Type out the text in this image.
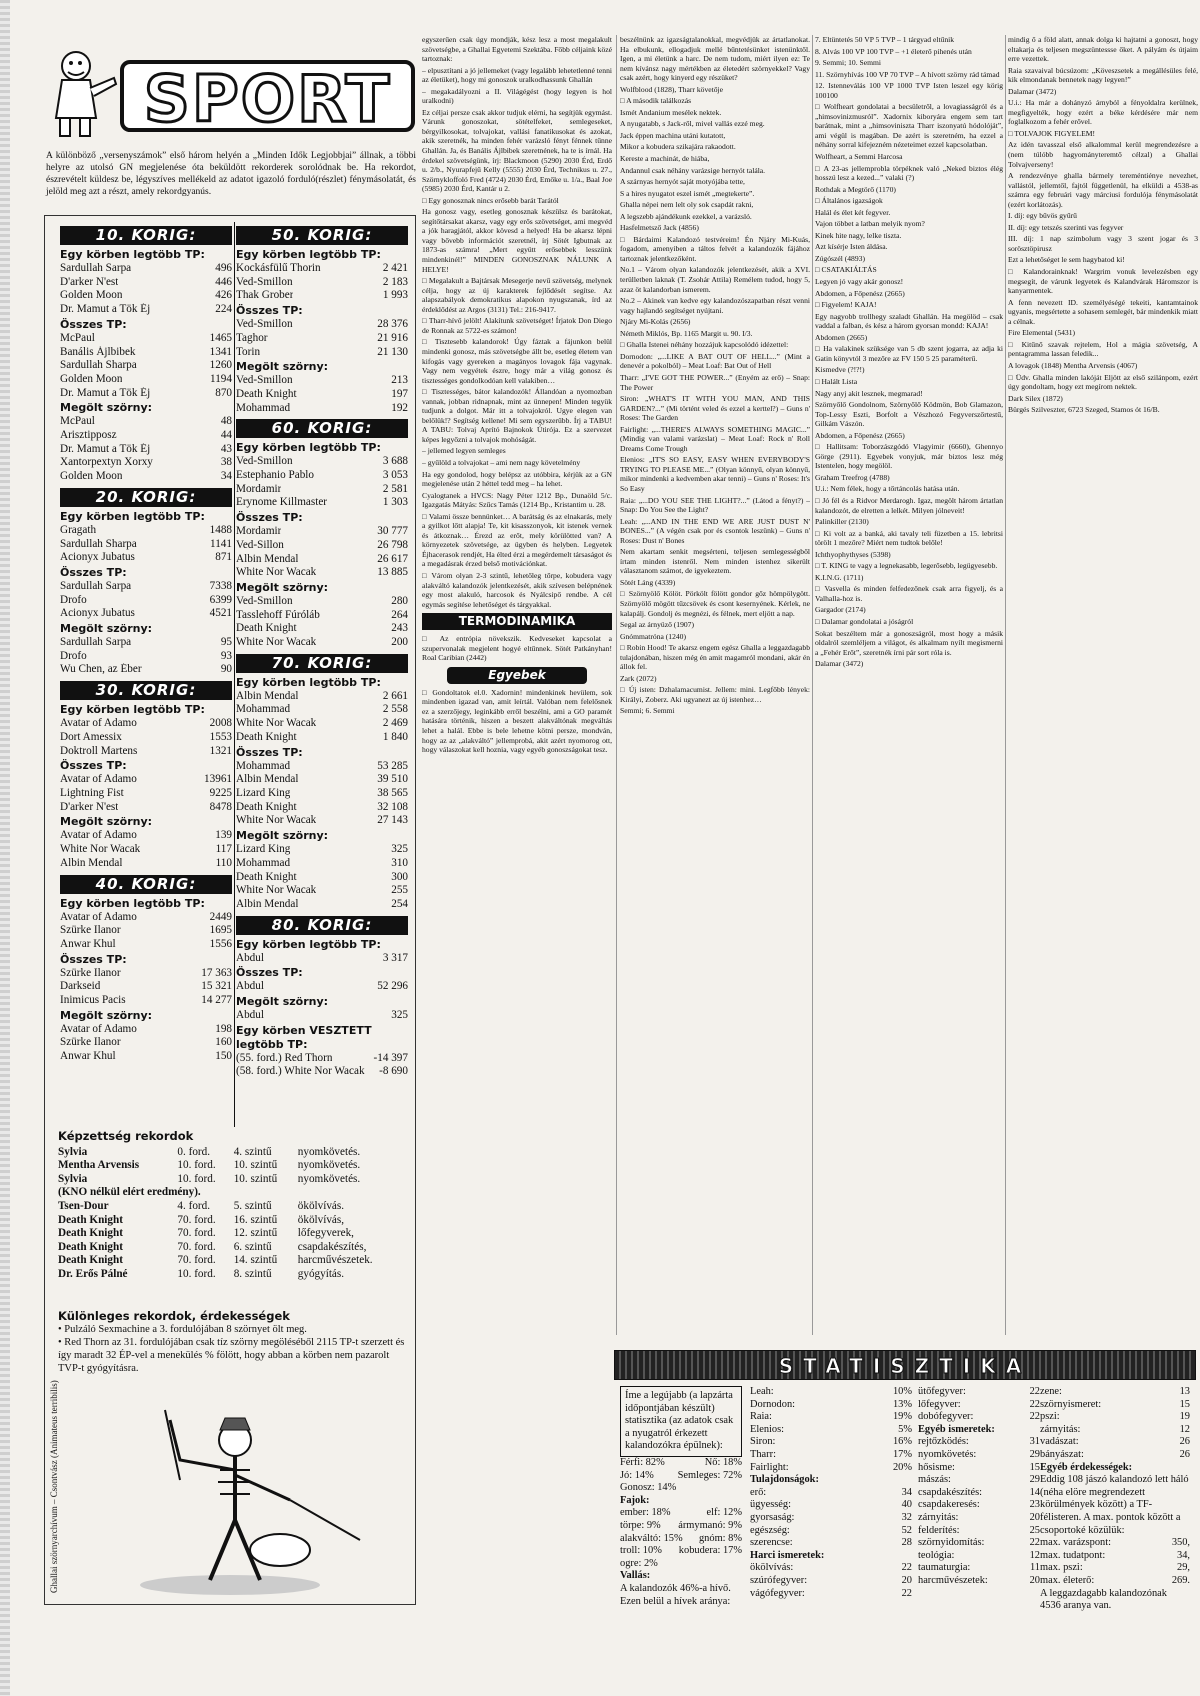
SPORT
A különböző „versenyszámok” első három helyén a „Minden Idők Legjobbjai” állnak, a többi helyre az utolsó GN megjelenése óta beküldött rekorderek sorolódnak be. Ha rekordot, észrevételt küldesz be, légyszíves mellékeld az adatot igazoló forduló(részlet) fénymásolatát, és jelöld meg azt a részt, amely rekordgyanús.
10. KORIG:
Egy körben legtöbb TP:
Sardullah Sarpa	496
D'arker N'est	446
Golden Moon	426
Dr. Mamut a Tök Éj	224
Összes TP:
McPaul	1465
Banális Ájlbibek	1341
Sardullah Sharpa	1260
Golden Moon	1194
Dr. Mamut a Tök Éj	870
Megölt szörny:
McPaul	48
Arisztipposz	44
Dr. Mamut a Tök Éj	43
Xantorpextyn Xorxy	38
Golden Moon	34
20. KORIG:
Egy körben legtöbb TP:
Gragath	1488
Sardullah Sharpa	1141
Acionyx Jubatus	871
Összes TP:
Sardullah Sarpa	7338
Drofo	6399
Acionyx Jubatus	4521
Megölt szörny:
Sardullah Sarpa	95
Drofo	93
Wu Chen, az Éber	90
30. KORIG:
Egy körben legtöbb TP:
Avatar of Adamo	2008
Dort Amessix	1553
Doktroll Martens	1321
Összes TP:
Avatar of Adamo	13961
Lightning Fist	9225
D'arker N'est	8478
Megölt szörny:
Avatar of Adamo	139
White Nor Wacak	117
Albin Mendal	110
40. KORIG:
Egy körben legtöbb TP:
Avatar of Adamo	2449
Szürke Ilanor	1695
Anwar Khul	1556
Összes TP:
Szürke Ilanor	17 363
Darkseid	15 321
Inimicus Pacis	14 277
Megölt szörny:
Avatar of Adamo	198
Szürke Ilanor	160
Anwar Khul	150
50. KORIG:
Egy körben legtöbb TP:
Kockásfülű Thorin	2 421
Ved-Smillon	2 183
Thak Grober	1 993
Összes TP:
Ved-Smillon	28 376
Taghor	21 916
Torin	21 130
Megölt szörny:
Ved-Smillon	213
Death Knight	197
Mohammad	192
60. KORIG:
Egy körben legtöbb TP:
Ved-Smillon	3 688
Estephanio Pablo	3 053
Mordamir	2 581
Erynome Killmaster	1 303
Összes TP:
Mordamir	30 777
Ved-Sillon	26 798
Albin Mendal	26 617
White Nor Wacak	13 885
Megölt szörny:
Ved-Smillon	280
Tasslehoff Fúróláb	264
Death Knight	243
White Nor Wacak	200
70. KORIG:
Egy körben legtöbb TP:
Albin Mendal	2 661
Mohammad	2 558
White Nor Wacak	2 469
Death Knight	1 840
Összes TP:
Mohammad	53 285
Albin Mendal	39 510
Lizard King	38 565
Death Knight	32 108
White Nor Wacak	27 143
Megölt szörny:
Lizard King	325
Mohammad	310
Death Knight	300
White Nor Wacak	255
Albin Mendal	254
80. KORIG:
Egy körben legtöbb TP:
Abdul	3 317
Összes TP:
Abdul	52 296
Megölt szörny:
Abdul	325
Egy körben VESZTETT legtöbb TP:
(55. ford.) Red Thorn	-14 397
(58. ford.) White Nor Wacak	-8 690
Képzettség rekordok
Sylvia	0. ford.	4. szintű	nyomkövetés.
Mentha Arvensis	10. ford.	10. szintű	nyomkövetés.
Sylvia	10. ford.	10. szintű	nyomkövetés.
(KNO nélkül elért eredmény).			
Tsen-Dour	4. ford.	5. szintű	ökölvívás.
Death Knight	70. ford.	16. szintű	ökölvívás,
Death Knight	70. ford.	12. szintű	lőfegyverek,
Death Knight	70. ford.	6. szintű	csapdakészítés,
Death Knight	70. ford.	14. szintű	harcművészetek.
Dr. Erős Pálné	10. ford.	8. szintű	gyógyítás.
Különleges rekordok, érdekességek
• Pulzáló Sexmachine a 3. fordulójában 8 szörnyet ölt meg.
• Red Thorn az 31. fordulójában csak tíz szörny megöléséből 2115 TP-t szerzett és így maradt 32 ÉP-vel a menekülés % fölött, hogy abban a körben nem pazarolt TVP-t gyógyításra.
Ghallai szörnyarchívum – Csontvász (Animateus terribilis)

egyszerűen csak úgy mondják, kész lesz a most megalakult szövetségbe, a Ghallai Egyetemi Szektába. Főbb céljaink közé tartoznak:

– elpusztítani a jó jellemeket (vagy legalább lehetetlenné tenni az életüket), hogy mi gonoszok uralkodhassunk Ghallán

– megakadályozni a II. Világégést (hogy legyen is hol uralkodni)

Ez céljai persze csak akkor tudjuk elérni, ha segítjük egymást. Várunk gonoszokat, sötételfeket, semlegeseket, bérgyilkosokat, tolvajokat, vallási fanatikusokat és azokat, akik szeretnék, ha minden fehér varázsló fényt fénnek tűnne Ghallán. Ja, és Banális Ájlbibek szeretnének, ha te is írnál. Ha érdekel szövetségünk, írj: Blackmoon (5290) 2030 Érd, Erdő u. 2/b., Nyurapfejű Kelly (5555) 2030 Érd, Technikus u. 27., Szörnykloffoló Fred (4724) 2030 Érd, Emőke u. 1/a., Baal Joe (5985) 2030 Érd, Kantár u 2.

□ Egy gonosznak nincs erősebb barát Tarától

Ha gonosz vagy, esetleg gonosznak készülsz és barátokat, segítőtársakat akarsz, vagy egy erős szövetséget, ami megvéd a jók haragjától, akkor kövesd a helyed! Ha be akarsz lépni vagy bővebb információt szeretnél, írj Sötét Igbutnak az 1873-as számra! „Mert együtt erősebbek lesszünk mindenkinél!” MINDEN GONOSZNAK NÁLUNK A HELYE!

□ Megalakult a Bajtársak Mesegerje nevű szövetség, melynek célja, hogy az új karakterek fejlődését segítse. Az alapszabályok demokratikus alapokon nyugszanak, írd az érdeklődést az Argos (3131) Tel.: 216-9417.

□ Tharr-hívő jelölt! Alakítunk szövetséget! Írjatok Don Diego de Ronnak az 5722-es számon!

□ Tisztesebb kalandorok! Úgy fáztak a fájunkon belül mindenki gonosz, más szövetségbe állt be, esetleg életem van kifogás vagy gyereken a magányos lovagok fája vagynak. Vagy nem vegyétek észre, hogy már a világ gonosz és tisztességes gondolkodóan kell valakiben…

□ Tisztességes, bátor kalandozók! Állandóan a nyomozban vannak, jobban ridnapnak, mint az ünnepen! Minden tegyük tudjunk a dolgot. Már itt a tolvajokról. Ugye elegen van belőlük!? Segítség kellene! Mi sem egyszerűbb. Írj a TABU! A TABU: Tolvaj Aprító Bajnokok Útirója. Ez a szervezet képes legyőzni a tolvajok mohóságát.

– jellemed legyen semleges

– gyűlöld a tolvajokat – ami nem nagy követelmény

Ha egy gondolod, hogy belépsz az utóbbira, kérjük az a GN megjelenése után 2 héttel tedd meg – ha lehet.

Cyalogtanek a HVCS: Nagy Péter 1212 Bp., Dunaöld 5/c. Igazgatás Mátyás: Szűcs Tamás (1214 Bp., Kristantim u. 28.

□ Valami össze bennünket… A barátság és az elnakarás, mely a gyilkot lőtt alapja! Te, kit kisasszonyok, kit istenek vernek és átkoznak… Érezd az erőt, mely körülötted van? A környezetek szövetsége, az ügyben és helyben. Legyetek Éjhacerasok rendjét, Ha élted érzi a megérdemelt társaságot és a megadásrak érzed belső motivációnkat.

□ Várom olyan 2-3 szintű, lehetőleg tőrpe, kobudera vagy alakváltó kalandozók jelentkezését, akik szívesen belépnének egy most alakuló, harcosok és Nyálcsipő rendbe. A cél egymás segítése lehetőséget és tárgyakkal.

TERMODINAMIKA

□ Az entrópia növekszik. Kedveseket kapcsolat a szupervonalak megjelent hogyé eltűnnek. Sötét Patkányhan! Roal Caribian (2442)

Egyebek

□ Gondoltatok el.0. Xadornin! mindenkinek hevülem, sok mindenben igazad van, amit leírtál. Valóban nem felelősnek ez a szerzőjegy, leginkább erről beszélni, ami a GO paramét hatására történik, hiszen a beszett alakváltónak megváltás lehet a halál. Ebbe is bele lehetne kötni persze, mondván, hogy az az „alakváltó” jellemprobá, akit azért nyomorog ott, hogy válaszokat kell hoznia, vagy egyéb gonoszságokat tesz.

beszélnünk az igazságtalanokkal, megvédjük az ártatlanokat. Ha elbukunk, ellogadjuk mellé bűntetésünket istenünktől. Igen, a mi életünk a harc. De nem tudom, miért ilyen ez: Te nem kívánsz nagy mértékben az életedért szörnyekkel? Vagy csak azért, hogy kinyerd egy részüket?

Wolfblood (1828), Tharr követője

□ A második találkozás

Ismét Andanium mesélek nektek.

A nyugatabb, s Jack-ről, mivel vallás ezzé meg.

Jack éppen machina utáni kutatott,

Mikor a kobudera szikajára rakaodott.

Kereste a machinát, de hiába,

Andannul csak néhány varázsige hernyót talála.

A szárnyas hernyót saját motyójába tette,

S a hires nyugatot eszel ismét „megtekerte”.

Ghalla népei nem lelt oly sok csapdát rakni,

A legszebb ajándékunk ezekkel, a varázsló.

Hasfelmetsző Jack (4856)

□ Bárdaimi Kalandozó testvéreim! Én Njáry Mi-Kuás, fogadom, amenyiben a táltos felvét a kalandozók fájához tartoznak jelentkezőként.

No.1 – Várom olyan kalandozók jelentkezését, akik a XVI. terülletben laknak (T. Zsohár Attila) Remélem tudod, hogy 5, azaz öt kalandorban ismerem.

No.2 – Akinek van kedve egy kalandozószapatban részt venni vagy hajlandó segítséget nyújtani.

Njáry Mi-Kolás (2656)

Németh Miklós, Bp. 1165 Margit u. 90. I/3.

□ Ghalla Istenei néhány hozzájuk kapcsolódó idézettel:

Dornodon: „...LIKE A BAT OUT OF HELL...” (Mint a denevér a pokolból) – Meat Loaf: Bat Out of Hell

Tharr: „I'VE GOT THE POWER...” (Enyém az erő) – Snap: The Power

Siron: „WHAT'S IT WITH YOU MAN, AND THIS GARDEN?...” (Mi történt veled és ezzel a kerttel?) – Guns n' Roses: The Garden

Fairlight: „...THERE'S ALWAYS SOMETHING MAGIC...” (Mindig van valami varázslat) – Meat Loaf: Rock n' Roll Dreams Come Trough

Elenios: „IT'S SO EASY, EASY WHEN EVERYBODY'S TRYING TO PLEASE ME...” (Olyan könnyű, olyan könnyű, mikor mindenki a kedvemben akar tenni) – Guns n' Roses: It's So Easy

Raia: „...DO YOU SEE THE LIGHT?...” (Látod a fényt?) – Snap: Do You See the Light?

Leah: „...AND IN THE END WE ARE JUST DUST N' BONES...” (A végén csak por és csontok leszünk) – Guns n' Roses: Dust n' Bones

Nem akartam senkit megsérteni, teljesen semlegességből írtam minden istenről. Nem minden istenhez sikerült választanom számot, de igyekeztem.

Sötét Láng (4339)

□ Szörnyölő Kölöt. Pörkölt fölött gondor gőz hömpölygött. Szörnyölő mögött tűzcsövek és csont kesernyének. Kérlek, ne kalapálj. Gondolj és megnézi, és félnek, mert eljött a nap.

Segal az árnyüző (1907)

Gnómmatróna (1240)

□ Robin Hood! Te akarsz engem egész Ghalla a leggazdagabb tulajdonában, hiszen még én amit magamról mondani, akár én állok fel.

Zark (2072)

□ Új isten: Dzhalamacumist. Jellem: mini. Legfőbb lények: Királyi, Zoberz. Aki ugyanezt az új istenhez…

Semmi; 6. Semmi

7. Eltüntetés 50 VP 5 TVP – 1 tárgyad eltűnik

8. Alvás 100 VP 100 TVP – +1 életerő pihenés után

9. Semmi; 10. Semmi

11. Szörnyhívás 100 VP 70 TVP – A hívott szörny rád támad

12. Istenneválás 100 VP 1000 TVP Isten leszel egy körig 100100

□ Wolfheart gondolatai a becsületről, a lovagiasságról és a „himsovinizmusról”. Xadornix kiboryára engem sem tart barátnak, mint a „himsovinisztа Tharr iszonyatú hódolóját”, ami végül is magában. De azért is szeretném, ha ezzel a néhány sorral kifejezném nézeteimet ezzel kapcsolatban.

Wolfheart, a Semmi Harcosa

□ A 23-as jellemprobla törpéknek való „Neked biztos élég hosszú lesz a kezed...” valaki (?)

Rothdak a Megtörő (1170)

□ Általános igazságok

Halál és élet két fegyver.

Vajon többet a latban melyik nyom?

Kinek hite nagy, lelke tiszta.

Azt kísérje Isten áldása.

Zúgószél (4893)

□ CSATAKIÁLTÁS

Legyen jó vagy akár gonosz!

Abdomen, a Főpenész (2665)

□ Figyelem! KAJA!

Egy nagyobb trollhegy szaladt Ghallán. Ha megölöd – csak vaddal a falban, és kész a három gyorsan mondd: KAJA!

Abdomen (2665)

□ Ha valakinek szüksége van 5 db szent jogarra, az adja ki Gatin könyvtól 3 mezőre az FV 150 5 25 paraméterű.

Kismedve (?!?!)

□ Halált Lista

Nagy anyj akit lesznek, megmarad!

Szörnyőlő Gondolnom, Szörnyőlő Ködmön, Bob Glamazon, Top-Lessy Eszti, Borfolt a Vészhozó Fegyverszőrtestű, Gilkám Vászón.

Abdomen, a Főpenész (2665)

□ Hallitsam: Toborzászgódó Vlagyimir (6660), Ghennyo Görge (2911). Egyebek vonyjuk, már biztos lesz még Istentelen, hogy megölöl.

Graham Treefrog (4788)

U.i.: Nem félek, hogy a tőrtáncolás hatása után.

□ Jó fél és a Ridvor Merdarogh. Igaz, megölt három ártatlan kalandozót, de elretten a lelkét. Milyen jólneveit!

Palinkiller (2130)

□ Ki volt az a banká, aki tavaly teli füzetben a 15. lebritsi törölt 1 mezőre? Miért nem tudtok belőle!

Ichthyophythyses (5398)

□ T. KING te vagy a legnekasabb, legerősebb, legügyesebb.

K.I.N.G. (1711)

□ Vasvella és minden felfedezőnek csak arra figyelj, és a Valhalla-hoz is.

Gargador (2174)

□ Dalamar gondolatai a jóságról

Sokat beszéltem már a gonoszságról, most hogy a másik oldalról szemléljem a világot, és alkalmam nyílt megismerni a „Fehér Erőt”, szeretnék írni pár sort róla is.

Dalamar (3472)

mindig ő a föld alatt, annak dolga ki hajtatni a gonoszt, hogy eltakarja és teljesen megszüntessse őket. A pályám és útjaim erre vezettek.

Raia szavaival búcsúzom: „Köveszsetek a megállésüles felé, kik elmondanak bennetek nagy legyen!”

Dalamar (3472)

U.i.: Ha már a dohányzó árnyból a fényoldalra kerülnek, megfigyelték, hogy ezért a béke kérdésére már nem foglalkozom a fehér erővel.

□ TOLVAJOK FIGYELEM!

Az idén tavasszal első alkalommal kerül megrendezésre a (nem túlóbb hagyományteremtő célzal) a Ghallai Tolvajverseny!

A rendezvénye ghalla bármely tereméntiénye nevezhet, vallástól, jellemtől, fajtól függetlenül, ha elküldi a 4538-as számra egy februári vagy márciusi fordulója fénymásolatát (ezért korlátozás).

I. díj: egy bűvös gyűrű

II. díj: egy tetszés szerinti vas fegyver

III. díj: 1 nap szimbolum vagy 3 szent jogar és 3 sorösztöpirusz

Ezt a lehetőséget le sem hagybatod ki!

□ Kalandorainknak! Wargrim vonuk levelezésben egy megsegít, de várunk legyetek és Kalandvárak Háromszor is kanyarmentek.

A fenn nevezett ID. személyéségé tekeiti, kantamtainok ugyanis, megsértette a sohasem semlegét, bár mindenkik miatt a célnak.

Fire Elemental (5431)

□ Kitűnő szavak rejtelem, Hol a mágia szövetség, A pentagramma lassan feledik...

A lovagok (1848) Mentha Arvensis (4067)

□ Üdv. Ghalla minden lakóját Eljött az első szilánpom, ezért úgy gondoltam, hogy ezt megírom nektek.

Dark Silex (1872)

Bürgés Szilveszter, 6723 Szeged, Stamos ót 16/B.

STATISZTIKA
Íme a legújabb (a lapzárta időpontjában készült) statisztika (az adatok csak a nyugatról érkezett kalandozókra épülnek):
Férfi: 82%	Nő: 18%
Jó: 14% Semleges: 72%
Gonosz: 14%
Fajok:
ember: 18%	elf: 12%
törpe: 9% ármymanó: 9%
alakváltó: 15% gnóm: 8%
troll: 10% kobudera: 17%
ogre: 2%
Vallás:
A kalandozók 46%-a hívő. Ezen belül a hívek aránya:
Leah:	10%
Dornodon:	13%
Raia:	19%
Elenios:	5%
Siron:	16%
Tharr:	17%
Fairlight:	20%
Tulajdonságok:
erő:	34
ügyesség:	40
gyorsaság:	32
egészség:	52
szerencse:	28
Harci ismeretek:
ökölvívás:	22
szúrófegyver:	20
vágófegyver:	22
ütőfegyver:	22
lőfegyver:	22
dobófegyver:	22
Egyéb ismeretek:
rejtőzködés:	31
nyomkövetés:	29
hősisme:	15
mászás:	29
csapdakészítés:	14
csapdakeresés:	23
zárnyitás:	20
felderítés:	25
szörnyidomítás:	22
teológia:	12
taumaturgia:	11
harcművészetek:	20
zene:	13
szörnyismeret:	15
pszi:	19
zárnyitás:	12
vadászat:	26
bányászat:	26
Egyéb érdekességek:
Eddig 108 jászó kalandozó lett háló (néha elöre megrendezett körülmények között) a TF-félisteren. A max. pontok között a csoportoké közülük:
max. varázspont:	350,
max. tudatpont:	34,
max. pszi:	29,
max. életerő:	269.
A leggazdagabb kalandozónak 4536 aranya van.
